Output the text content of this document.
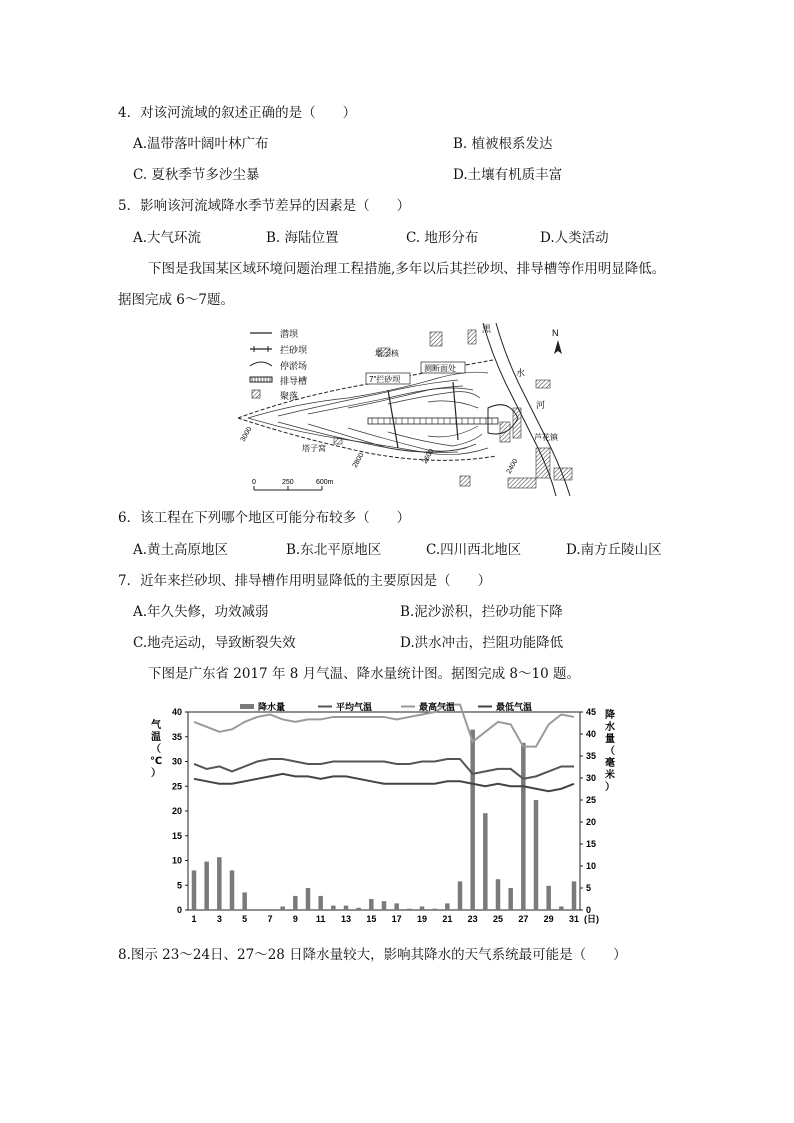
4．对该河流域的叙述正确的是（　　）
A.温带落叶阔叶林广布	B. 植被根系发达
C. 夏秋季节多沙尘暴	D.土壤有机质丰富
5．影响该河流域降水季节差异的因素是（　　）
A.大气环流	B. 海陆位置	C. 地形分布	D.人类活动
下图是我国某区域环境问题治理工程措施,多年以后其拦砂坝、排导槽等作用明显降低。
据图完成 6～7题。
潜坝
拦砂坝
停淤场
排导槽
聚落
塔子核
7"拦砂坝
测断面处
黑
水
河
芦花镇
塔子窝
3000
2800	2600
2400
N
0	250	600m
6．该工程在下列哪个地区可能分布较多（　　）
A.黄土高原地区	B.东北平原地区	C.四川西北地区	D.南方丘陵山区
7．近年来拦砂坝、排导槽作用明显降低的主要原因是（　　）
A.年久失修，功效减弱	B.泥沙淤积，拦砂功能下降
C.地壳运动，导致断裂失效	D.洪水冲击，拦阻功能降低
下图是广东省 2017 年 8 月气温、降水量统计图。据图完成 8～10 题。
0
5
10
15
20
25
30
35
40
0
5
10
15
20
25
30
35
40
45
1 3 5 7 9 11 13 15 17 19 21 23 25 27 29 31 (日)
气
温
（
℃
）
降
水
量
（
毫
米
）
降水量	平均气温	最高气温	最低气温
8.图示 23～24日、27～28 日降水量较大，影响其降水的天气系统最可能是（　　）
